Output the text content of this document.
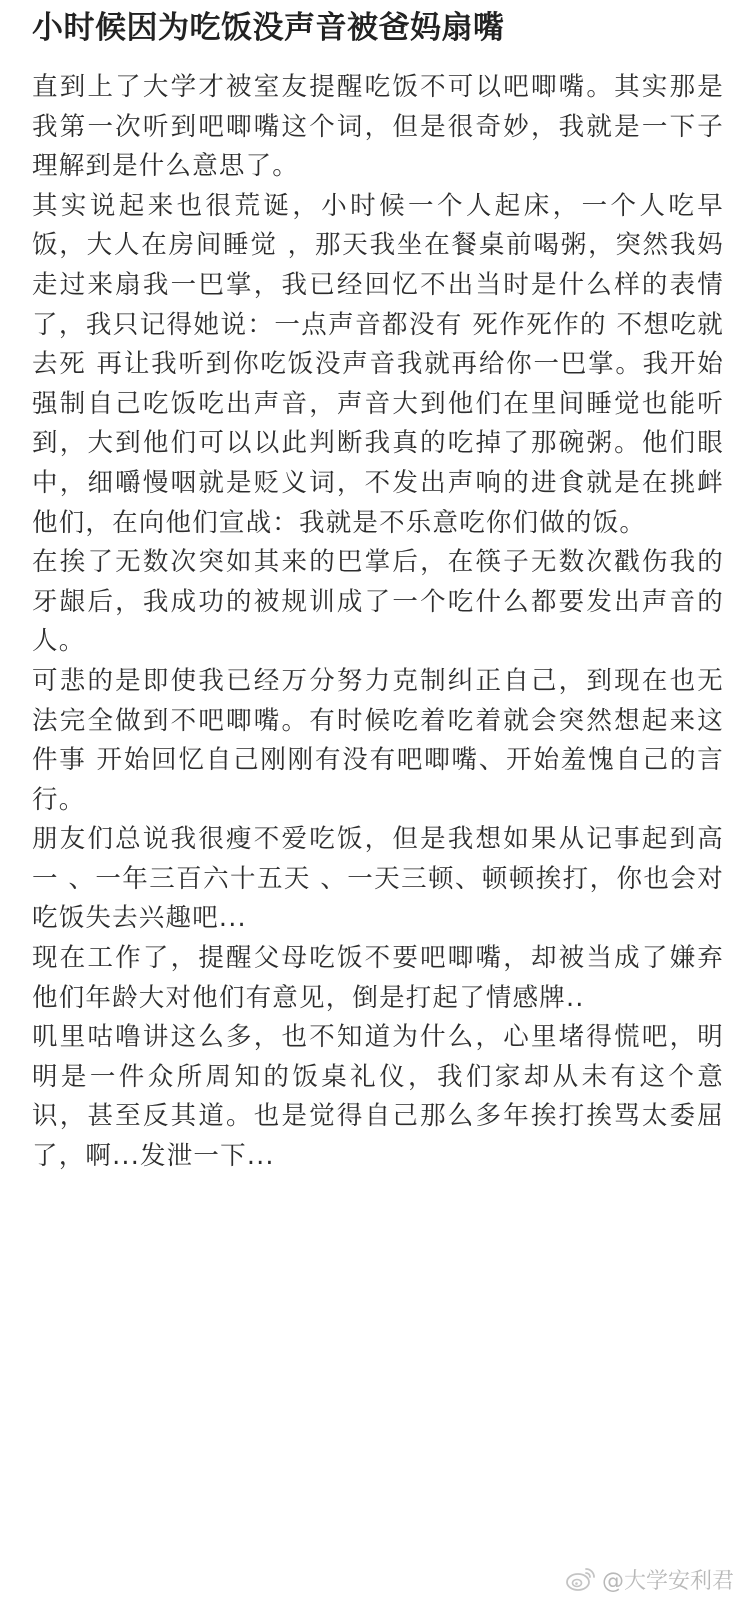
小时候因为吃饭没声音被爸妈扇嘴

直到上了大学才被室友提醒吃饭不可以吧唧嘴。其实那是我第一次听到吧唧嘴这个词，但是很奇妙，我就是一下子理解到是什么意思了。

其实说起来也很荒诞，小时候一个人起床，一个人吃早饭，大人在房间睡觉 ，那天我坐在餐桌前喝粥，突然我妈走过来扇我一巴掌，我已经回忆不出当时是什么样的表情了，我只记得她说：一点声音都没有 死作死作的 不想吃就去死 再让我听到你吃饭没声音我就再给你一巴掌。我开始强制自己吃饭吃出声音，声音大到他们在里间睡觉也能听到，大到他们可以以此判断我真的吃掉了那碗粥。他们眼中，细嚼慢咽就是贬义词，不发出声响的进食就是在挑衅他们，在向他们宣战：我就是不乐意吃你们做的饭。

在挨了无数次突如其来的巴掌后，在筷子无数次戳伤我的牙龈后，我成功的被规训成了一个吃什么都要发出声音的人。

可悲的是即使我已经万分努力克制纠正自己，到现在也无法完全做到不吧唧嘴。有时候吃着吃着就会突然想起来这件事 开始回忆自己刚刚有没有吧唧嘴、开始羞愧自己的言行。

朋友们总说我很瘦不爱吃饭，但是我想如果从记事起到高一 、一年三百六十五天 、一天三顿、顿顿挨打，你也会对吃饭失去兴趣吧...

现在工作了，提醒父母吃饭不要吧唧嘴，却被当成了嫌弃他们年龄大对他们有意见，倒是打起了情感牌..

叽里咕噜讲这么多，也不知道为什么，心里堵得慌吧，明明是一件众所周知的饭桌礼仪，我们家却从未有这个意识，甚至反其道。也是觉得自己那么多年挨打挨骂太委屈了，啊...发泄一下...

@大学安利君
